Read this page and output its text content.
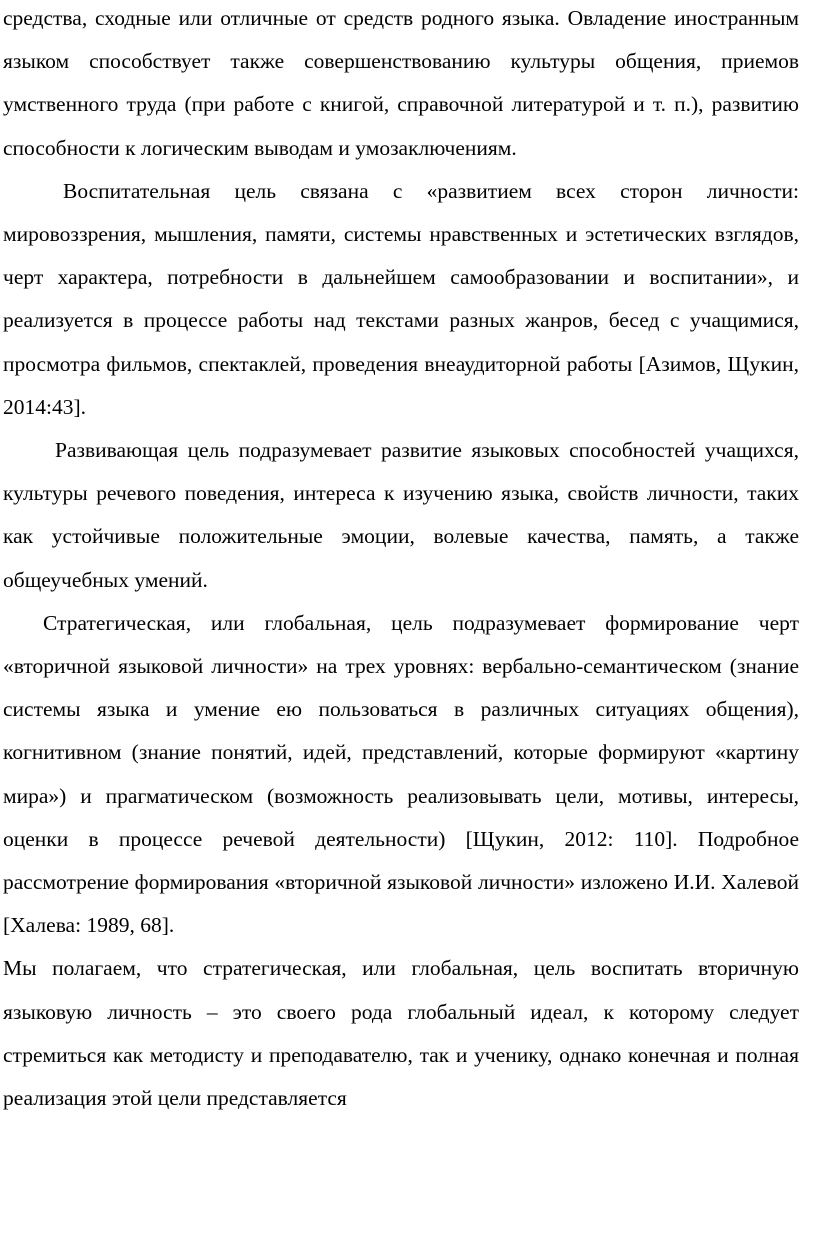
средства, сходные или отличные от средств родного языка. Овладение иностранным языком способствует также совершенствованию культуры общения, приемов умственного труда (при работе с книгой, справочной литературой и т. п.), развитию способности к логическим выводам и умозаключениям.

Воспитательная цель связана с «развитием всех сторон личности: мировоззрения, мышления, памяти, системы нравственных и эстетических взглядов, черт характера, потребности в дальнейшем самообразовании и воспитании», и реализуется в процессе работы над текстами разных жанров, бесед с учащимися, просмотра фильмов, спектаклей, проведения внеаудиторной работы [Азимов, Щукин, 2014:43].

Развивающая цель подразумевает развитие языковых способностей учащихся, культуры речевого поведения, интереса к изучению языка, свойств личности, таких как устойчивые положительные эмоции, волевые качества, память, а также общеучебных умений.

Стратегическая, или глобальная, цель подразумевает формирование черт «вторичной языковой личности» на трех уровнях: вербально-семантическом (знание системы языка и умение ею пользоваться в различных ситуациях общения), когнитивном (знание понятий, идей, представлений, которые формируют «картину мира») и прагматическом (возможность реализовывать цели, мотивы, интересы, оценки в процессе речевой деятельности) [Щукин, 2012: 110]. Подробное рассмотрение формирования «вторичной языковой личности» изложено И.И. Халевой [Халева: 1989, 68].

Мы полагаем, что стратегическая, или глобальная, цель воспитать вторичную языковую личность – это своего рода глобальный идеал, к которому следует стремиться как методисту и преподавателю, так и ученику, однако конечная и полная реализация этой цели представляется
